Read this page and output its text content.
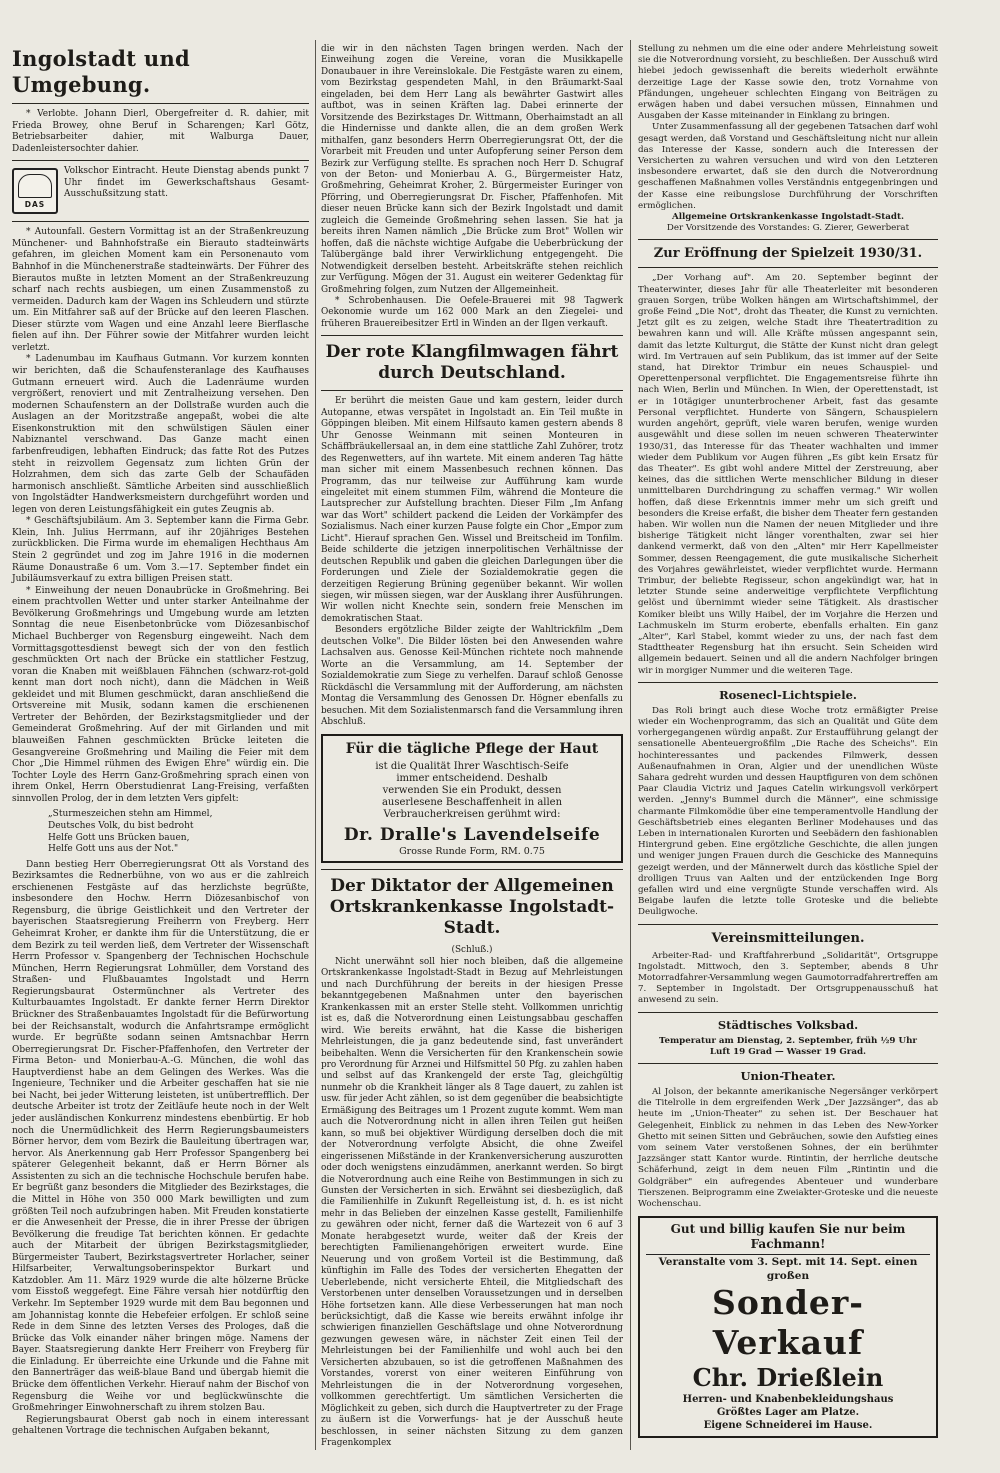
Ingolstadt und Umgebung.

* Verlobte. Johann Dierl, Obergefreiter d. R. dahier, mit Frieda Browey, ohne Beruf in Scharengen; Karl Götz, Betriebsarbeiter dahier, mit Walburga Dauer, Dadenleistersochter dahier.

DAS

Volkschor Eintracht. Heute Dienstag abends punkt 7 Uhr findet im Gewerkschaftshaus Gesamt-Ausschußsitzung statt.

* Autounfall. Gestern Vormittag ist an der Straßenkreuzung Münchener- und Bahnhofstraße ein Bierauto stadteinwärts gefahren, im gleichen Moment kam ein Personenauto vom Bahnhof in die Münchenerstraße stadteinwärts. Der Führer des Bierautos mußte in letzten Moment an der Straßenkreuzung scharf nach rechts ausbiegen, um einen Zusammenstoß zu vermeiden. Dadurch kam der Wagen ins Schleudern und stürzte um. Ein Mitfahrer saß auf der Brücke auf den leeren Flaschen. Dieser stürzte vom Wagen und eine Anzahl leere Bierflasche fielen auf ihn. Der Führer sowie der Mitfahrer wurden leicht verletzt.

* Ladenumbau im Kaufhaus Gutmann. Vor kurzem konnten wir berichten, daß die Schaufensteranlage des Kaufhauses Gutmann erneuert wird. Auch die Ladenräume wurden vergrößert, renoviert und mit Zentralheizung versehen. Den modernen Schaufenstern an der Dollstraße wurden auch die Auslagen an der Moritzstraße angepaßt, wobei die alte Eisenkonstruktion mit den schwülstigen Säulen einer Nabiznantel verschwand. Das Ganze macht einen farbenfreudigen, lebhaften Eindruck; das fatte Rot des Putzes steht in reizvollem Gegensatz zum lichten Grün der Holzrahmen, dem sich das zarte Gelb der Schaufäden harmonisch anschließt. Sämtliche Arbeiten sind ausschließlich von Ingolstädter Handwerksmeistern durchgeführt worden und legen von deren Leistungsfähigkeit ein gutes Zeugnis ab.

* Geschäftsjubiläum. Am 3. September kann die Firma Gebr. Klein, Inh. Julius Herrmann, auf ihr 20jähriges Bestehen zurückblicken. Die Firma wurde im ehemaligen Hechthaus Am Stein 2 gegründet und zog im Jahre 1916 in die modernen Räume Donaustraße 6 um. Vom 3.—17. September findet ein Jubiläumsverkauf zu extra billigen Preisen statt.

* Einweihung der neuen Donaubrücke in Großmehring. Bei einem prachtvollen Wetter und unter starker Anteilnahme der Bevölkerung Großmehrings und Umgebung wurde am letzten Sonntag die neue Eisenbetonbrücke vom Diözesanbischof Michael Buchberger von Regensburg eingeweiht. Nach dem Vormittagsgottesdienst bewegt sich der von den festlich geschmückten Ort nach der Brücke ein stattlicher Festzug, voran die Knaben mit weißblauen Fähnchen (schwarz-rot-gold kennt man dort noch nicht), dann die Mädchen in Weiß gekleidet und mit Blumen geschmückt, daran anschließend die Ortsvereine mit Musik, sodann kamen die erschienenen Vertreter der Behörden, der Bezirkstagsmitglieder und der Gemeinderat Großmehring. Auf der mit Girlanden und mit blauweißen Fahnen geschmückten Brücke leiteten die Gesangvereine Großmehring und Mailing die Feier mit dem Chor „Die Himmel rühmen des Ewigen Ehre" würdig ein. Die Tochter Loyle des Herrn Ganz-Großmehring sprach einen von ihrem Onkel, Herrn Oberstudienrat Lang-Freising, verfaßten sinnvollen Prolog, der in dem letzten Vers gipfelt:

„Sturmeszeichen stehn am Himmel,
Deutsches Volk, du bist bedroht
Helfe Gott uns Brücken bauen,
Helfe Gott uns aus der Not."

Dann bestieg Herr Oberregierungsrat Ott als Vorstand des Bezirksamtes die Rednerbühne, von wo aus er die zahlreich erschienenen Festgäste auf das herzlichste begrüßte, insbesondere den Hochw. Herrn Diözesanbischof von Regensburg, die übrige Geistlichkeit und den Vertreter der bayerischen Staatsregierung Freiherrn von Freyberg. Herr Geheimrat Kroher, er dankte ihm für die Unterstützung, die er dem Bezirk zu teil werden ließ, dem Vertreter der Wissenschaft Herrn Professor v. Spangenberg der Technischen Hochschule München, Herrn Regierungsrat Lohmüller, dem Vorstand des Straßen- und Flußbauamtes Ingolstadt und Herrn Regierungsbaurat Ostermünchner als Vertreter des Kulturbauamtes Ingolstadt. Er dankte ferner Herrn Direktor Brückner des Straßenbauamtes Ingolstadt für die Befürwortung bei der Reichsanstalt, wodurch die Anfahrtsrampe ermöglicht wurde. Er begrüßte sodann seinen Amtsnachbar Herrn Oberregierungsrat Dr. Fischer-Pfaffenhofen, den Vertreter der Firma Beton- und Monierbau-A.-G. München, die wohl das Hauptverdienst habe an dem Gelingen des Werkes. Was die Ingenieure, Techniker und die Arbeiter geschaffen hat sie nie bei Nacht, bei jeder Witterung leisteten, ist unübertrefflich. Der deutsche Arbeiter ist trotz der Zeitläufe heute noch in der Welt jeder ausländischen Konkurrenz mindestens ebenbürtig. Er hob noch die Unermüdlichkeit des Herrn Regierungsbaumeisters Börner hervor, dem vom Bezirk die Bauleitung übertragen war, hervor. Als Anerkennung gab Herr Professor Spangenberg bei späterer Gelegenheit bekannt, daß er Herrn Börner als Assistenten zu sich an die technische Hochschule berufen habe. Er begrüßt ganz besonders die Mitglieder des Bezirkstages, die die Mittel in Höhe von 350 000 Mark bewilligten und zum größten Teil noch aufzubringen haben. Mit Freuden konstatierte er die Anwesenheit der Presse, die in ihrer Presse der übrigen Bevölkerung die freudige Tat berichten können. Er gedachte auch der Mitarbeit der übrigen Bezirkstagsmitglieder, Bürgermeister Taubert, Bezirkstagsvertreter Horlacher, seiner Hilfsarbeiter, Verwaltungsoberinspektor Burkart und Katzdobler. Am 11. März 1929 wurde die alte hölzerne Brücke vom Eisstoß weggefegt. Eine Fähre versah hier notdürftig den Verkehr. Im September 1929 wurde mit dem Bau begonnen und am Johannistag konnte die Hebefeier erfolgen. Er schloß seine Rede in dem Sinne des letzten Verses des Prologes, daß die Brücke das Volk einander näher bringen möge. Namens der Bayer. Staatsregierung dankte Herr Freiherr von Freyberg für die Einladung. Er überreichte eine Urkunde und die Fahne mit den Bannerträger das weiß-blaue Band und übergab hiemit die Brücke dem öffentlichen Verkehr. Hierauf nahm der Bischof von Regensburg die Weihe vor und beglückwünschte die Großmehringer Einwohnerschaft zu ihrem stolzen Bau.

Regierungsbaurat Oberst gab noch in einem interessant gehaltenen Vortrage die technischen Aufgaben bekannt,

die wir in den nächsten Tagen bringen werden. Nach der Einweihung zogen die Vereine, voran die Musikkapelle Donaubauer in ihre Vereinslokale. Die Festgäste waren zu einem, vom Bezirkstag gespendeten Mahl, in den Bräumarkt-Saal eingeladen, bei dem Herr Lang als bewährter Gastwirt alles auftbot, was in seinen Kräften lag. Dabei erinnerte der Vorsitzende des Bezirkstages Dr. Wittmann, Oberhaimstadt an all die Hindernisse und dankte allen, die an dem großen Werk mithalfen, ganz besonders Herrn Oberregierungsrat Ott, der die Vorarbeit mit Freuden und unter Aufopferung seiner Person dem Bezirk zur Verfügung stellte. Es sprachen noch Herr D. Schugraf von der Beton- und Monierbau A. G., Bürgermeister Hatz, Großmehring, Geheimrat Kroher, 2. Bürgermeister Euringer von Pförring, und Oberregierungsrat Dr. Fischer, Pfaffenhofen. Mit dieser neuen Brücke kann sich der Bezirk Ingolstadt und damit zugleich die Gemeinde Großmehring sehen lassen. Sie hat ja bereits ihren Namen nämlich „Die Brücke zum Brot" Wollen wir hoffen, daß die nächste wichtige Aufgabe die Ueberbrückung der Talübergänge bald ihrer Verwirklichung entgegengeht. Die Notwendigkeit derselben besteht. Arbeitskräfte stehen reichlich zur Verfügung. Mögen der 31. August ein weiterer Gedenktag für Großmehring folgen, zum Nutzen der Allgemeinheit.

* Schrobenhausen. Die Oefele-Brauerei mit 98 Tagwerk Oekonomie wurde um 162 000 Mark an den Ziegelei- und früheren Brauereibesitzer Ertl in Winden an der Ilgen verkauft.

Der rote Klangfilmwagen fährt durch Deutschland.

Er berührt die meisten Gaue und kam gestern, leider durch Autopanne, etwas verspätet in Ingolstadt an. Ein Teil mußte in Göppingen bleiben. Mit einem Hilfsauto kamen gestern abends 8 Uhr Genosse Weinmann mit seinen Monteuren in Schäffbräukellersaal an, in dem eine stattliche Zahl Zuhörer, trotz des Regenwetters, auf ihn wartete. Mit einem anderen Tag hätte man sicher mit einem Massenbesuch rechnen können. Das Programm, das nur teilweise zur Aufführung kam wurde eingeleitet mit einem stummen Film, während die Monteure die Lautsprecher zur Aufstellung brachten. Dieser Film „Im Anfang war das Wort" schildert packend die Leiden der Vorkämpfer des Sozialismus. Nach einer kurzen Pause folgte ein Chor „Empor zum Licht". Hierauf sprachen Gen. Wissel und Breitscheid im Tonfilm. Beide schilderte die jetzigen innerpolitischen Verhältnisse der deutschen Republik und gaben die gleichen Darlegungen über die Forderungen und Ziele der Sozialdemokratie gegen die derzeitigen Regierung Brüning gegenüber bekannt. Wir wollen siegen, wir müssen siegen, war der Ausklang ihrer Ausführungen. Wir wollen nicht Knechte sein, sondern freie Menschen im demokratischen Staat.

Besonders ergötzliche Bilder zeigte der Wahltrickfilm „Dem deutschen Volke". Die Bilder lösten bei den Anwesenden wahre Lachsalven aus. Genosse Keil-München richtete noch mahnende Worte an die Versammlung, am 14. September der Sozialdemokratie zum Siege zu verhelfen. Darauf schloß Genosse Rückdäschl die Versammlung mit der Aufforderung, am nächsten Montag die Versammlung des Genossen Dr. Högner ebenfalls zu besuchen. Mit dem Sozialistenmarsch fand die Versammlung ihren Abschluß.

Für die tägliche Pflege der Haut
ist die Qualität Ihrer Waschtisch-Seife immer entscheidend. Deshalb verwenden Sie ein Produkt, dessen auserlesene Beschaffenheit in allen Verbraucherkreisen gerühmt wird:
Dr. Dralle's Lavendelseife
Grosse Runde Form, RM. 0.75
Der Diktator der Allgemeinen Ortskrankenkasse Ingolstadt-Stadt.
(Schluß.)

Nicht unerwähnt soll hier noch bleiben, daß die allgemeine Ortskrankenkasse Ingolstadt-Stadt in Bezug auf Mehrleistungen und nach Durchführung der bereits in der hiesigen Presse bekanntgegebenen Maßnahmen unter den bayerischen Krankenkassen mit an erster Stelle steht. Vollkommen unrichtig ist es, daß die Notverordnung einen Leistungsabbau geschaffen wird. Wie bereits erwähnt, hat die Kasse die bisherigen Mehrleistungen, die ja ganz bedeutende sind, fast unverändert beibehalten. Wenn die Versicherten für den Krankenschein sowie pro Verordnung für Arznei und Hilfsmittel 50 Pfg. zu zahlen haben und selbst auf das Krankengeld der erste Tag, gleichgültig nunmehr ob die Krankheit länger als 8 Tage dauert, zu zahlen ist usw. für jeder Acht zählen, so ist dem gegenüber die beabsichtigte Ermäßigung des Beitrages um 1 Prozent zugute kommt. Wem man auch die Notverordnung nicht in allen ihren Teilen gut heißen kann, so muß bei objektiver Würdigung derselben doch die mit der Notverordnung verfolgte Absicht, die ohne Zweifel eingerissenen Mißstände in der Krankenversicherung auszurotten oder doch wenigstens einzudämmen, anerkannt werden. So birgt die Notverordnung auch eine Reihe von Bestimmungen in sich zu Gunsten der Versicherten in sich. Erwähnt sei diesbezüglich, daß die Familienhilfe in Zukunft Regelleistung ist, d. h. es ist nicht mehr in das Belieben der einzelnen Kasse gestellt, Familienhilfe zu gewähren oder nicht, ferner daß die Wartezeit von 6 auf 3 Monate herabgesetzt wurde, weiter daß der Kreis der berechtigten Familienangehörigen erweitert wurde. Eine Neuerung und von großem Vorteil ist die Bestimmung, daß künftighin im Falle des Todes der versicherten Ehegatten der Ueberlebende, nicht versicherte Ehteil, die Mitgliedschaft des Verstorbenen unter denselben Voraussetzungen und in derselben Höhe fortsetzen kann. Alle diese Verbesserungen hat man noch berücksichtigt, daß die Kasse wie bereits erwähnt infolge ihr schwierigen finanziellen Geschäftslage und ohne Notverordnung gezwungen gewesen wäre, in nächster Zeit einen Teil der Mehrleistungen bei der Familienhilfe und wohl auch bei den Versicherten abzubauen, so ist die getroffenen Maßnahmen des Vorstandes, vorerst von einer weiteren Einführung von Mehrleistungen die in der Notverordnung vorgesehen, vollkommen gerechtfertigt. Um sämtlichen Versicherten die Möglichkeit zu geben, sich durch die Hauptvertreter zu der Frage zu äußern ist die Vorwerfungs- hat je der Ausschuß heute beschlossen, in seiner nächsten Sitzung zu dem ganzen Fragenkomplex

Stellung zu nehmen um die eine oder andere Mehrleistung soweit sie die Notverordnung vorsieht, zu beschließen. Der Ausschuß wird hiebei jedoch gewissenhaft die bereits wiederholt erwähnte derzeitige Lage der Kasse sowie den, trotz Vornahme von Pfändungen, ungeheuer schlechten Eingang von Beiträgen zu erwägen haben und dabei versuchen müssen, Einnahmen und Ausgaben der Kasse miteinander in Einklang zu bringen.

Unter Zusammenfassung all der gegebenen Tatsachen darf wohl gesagt werden, daß Vorstand und Geschäftsleitung nicht nur allein das Interesse der Kasse, sondern auch die Interessen der Versicherten zu wahren versuchen und wird von den Letzteren insbesondere erwartet, daß sie den durch die Notverordnung geschaffenen Maßnahmen volles Verständnis entgegenbringen und der Kasse eine reibungslose Durchführung der Vorschriften ermöglichen.

Allgemeine Ortskrankenkasse Ingolstadt-Stadt.
Der Vorsitzende des Vorstandes: G. Zierer, Gewerberat
Zur Eröffnung der Spielzeit 1930/31.

„Der Vorhang auf". Am 20. September beginnt der Theaterwinter, dieses Jahr für alle Theaterleiter mit besonderen grauen Sorgen, trübe Wolken hängen am Wirtschaftshimmel, der große Feind „Die Not", droht das Theater, die Kunst zu vernichten. Jetzt gilt es zu zeigen, welche Stadt ihre Theatertradition zu bewahren kann und will. Alle Kräfte müssen angespannt sein, damit das letzte Kulturgut, die Stätte der Kunst nicht dran gelegt wird. Im Vertrauen auf sein Publikum, das ist immer auf der Seite stand, hat Direktor Trimbur ein neues Schauspiel- und Operettenpersonal verpflichtet. Die Engagementsreise führte ihn nach Wien, Berlin und München. In Wien, der Operettenstadt, ist er in 10tägiger ununterbrochener Arbeit, fast das gesamte Personal verpflichtet. Hunderte von Sängern, Schauspielern wurden angehört, geprüft, viele waren berufen, wenige wurden ausgewählt und diese sollen im neuen schweren Theaterwinter 1930/31, das Interesse für das Theater wachhalten und immer wieder dem Publikum vor Augen führen „Es gibt kein Ersatz für das Theater". Es gibt wohl andere Mittel der Zerstreuung, aber keines, das die sittlichen Werte menschlicher Bildung in dieser unmittelbaren Durchdringung zu schaffen vermag." Wir wollen hoffen, daß diese Erkenntnis immer mehr um sich greift und besonders die Kreise erfaßt, die bisher dem Theater fern gestanden haben. Wir wollen nun die Namen der neuen Mitglieder und ihre bisherige Tätigkeit nicht länger vorenthalten, zwar sei hier dankend vermerkt, daß von den „Alten" mir Herr Kapellmeister Sommer, dessen Reengagement, die gute musikalische Sicherheit des Vorjahres gewährleistet, wieder verpflichtet wurde. Hermann Trimbur, der beliebte Regisseur, schon angekündigt war, hat in letzter Stunde seine anderweitige verpflichtete Verpflichtung gelöst und übernimmt wieder seine Tätigkeit. Als drastischer Komiker bleibt uns Willy Haibel, der im Vorjahre die Herzen und Lachmuskeln im Sturm eroberte, ebenfalls erhalten. Ein ganz „Alter", Karl Stabel, kommt wieder zu uns, der nach fast dem Stadttheater Regensburg hat ihn ersucht. Sein Scheiden wird allgemein bedauert. Seinen und all die andern Nachfolger bringen wir in morgiger Nummer und die weiteren Tage.

Rosenecl-Lichtspiele.

Das Roli bringt auch diese Woche trotz ermäßigter Preise wieder ein Wochenprogramm, das sich an Qualität und Güte dem vorhergegangenen würdig anpaßt. Zur Erstaufführung gelangt der sensationelle Abenteuergroßfilm „Die Rache des Scheichs". Ein hochinteressantes und packendes Filmwerk, dessen Außenaufnahmen in Oran, Algier und der unendlichen Wüste Sahara gedreht wurden und dessen Hauptfiguren von dem schönen Paar Claudia Victriz und Jaques Catelin wirkungsvoll verkörpert werden. „Jenny's Bummel durch die Männer", eine schmissige charmante Filmkomödie über eine temperamentvolle Handlung der Geschäftsbetrieb eines eleganten Berliner Modehauses und das Leben in internationalen Kurorten und Seebädern den fashionablen Hintergrund geben. Eine ergötzliche Geschichte, die allen jungen und weniger jungen Frauen durch die Geschicke des Mannequins gezeigt werden, und der Männerwelt durch das köstliche Spiel der drolligen Truus van Aalten und der entzückenden Inge Borg gefallen wird und eine vergnügte Stunde verschaffen wird. Als Beigabe laufen die letzte tolle Groteske und die beliebte Deuligwoche.

Vereinsmitteilungen.

Arbeiter-Rad- und Kraftfahrerbund „Solidarität", Ortsgruppe Ingolstadt. Mittwoch, den 3. September, abends 8 Uhr Motorradfahrer-Versammlung wegen Gaumotorradfahrertreffen am 7. September in Ingolstadt. Der Ortsgruppenausschuß hat anwesend zu sein.

Städtisches Volksbad.
Temperatur am Dienstag, 2. September, früh ½9 Uhr
Luft 19 Grad — Wasser 19 Grad.
Union-Theater.

Al Jolson, der bekannte amerikanische Negersänger verkörpert die Titelrolle in dem ergreifenden Werk „Der Jazzsänger", das ab heute im „Union-Theater" zu sehen ist. Der Beschauer hat Gelegenheit, Einblick zu nehmen in das Leben des New-Yorker Ghetto mit seinen Sitten und Gebräuchen, sowie den Aufstieg eines vom seinem Vater verstoßenen Sohnes, der ein berühmter Jazzsänger statt Kantor wurde. Rintintin, der herrliche deutsche Schäferhund, zeigt in dem neuen Film „Rintintin und die Goldgräber" ein aufregendes Abenteuer und wunderbare Tierszenen. Beiprogramm eine Zweiakter-Groteske und die neueste Wochenschau.

Gut und billig kaufen Sie nur beim Fachmann!
Veranstalte vom 3. Sept. mit 14. Sept. einen großen
Sonder-Verkauf
Chr. Drießlein
Herren- und Knabenbekleidungshaus
Größtes Lager am Platze.
Eigene Schneiderei im Hause.
